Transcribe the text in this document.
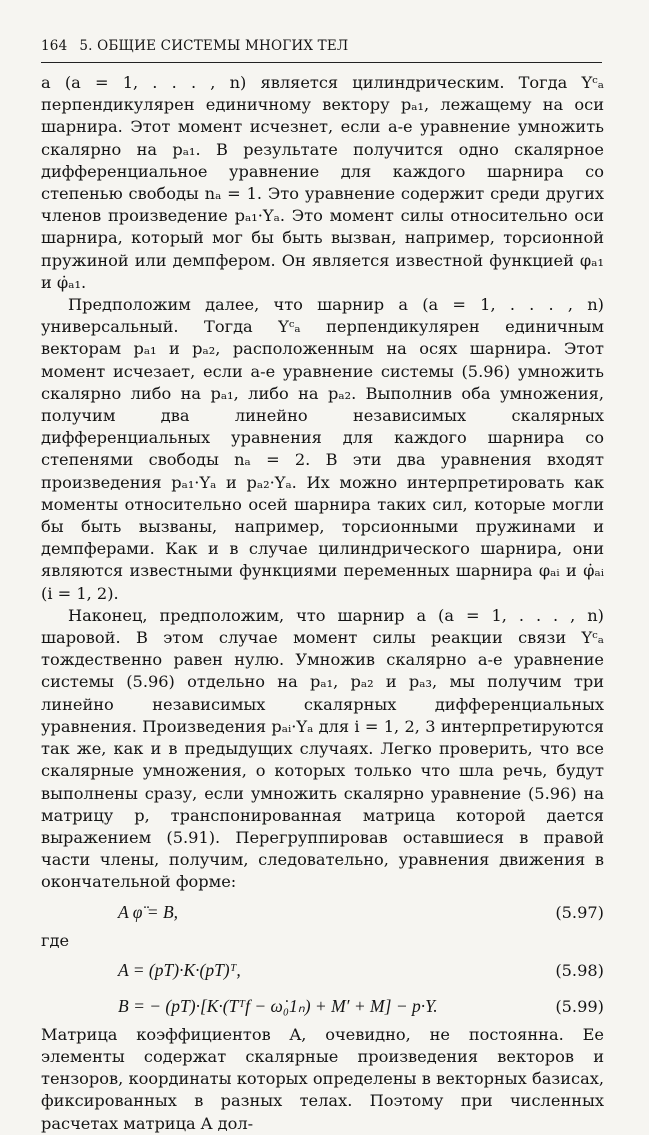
164 5. ОБЩИЕ СИСТЕМЫ МНОГИХ ТЕЛ

a (a = 1, . . . , n) является цилиндрическим. Тогда Yᶜₐ перпендикулярен единичному вектору pₐ₁, лежащему на оси шарнира. Этот момент исчезнет, если a-е уравнение умножить скалярно на pₐ₁. В результате получится одно скалярное дифференциальное уравнение для каждого шарнира со степенью свободы nₐ = 1. Это уравнение содержит среди других членов произведение pₐ₁·Yₐ. Это момент силы относительно оси шарнира, который мог бы быть вызван, например, торсионной пружиной или демпфером. Он является известной функцией φₐ₁ и φ̇ₐ₁.

Предположим далее, что шарнир a (a = 1, . . . , n) универсальный. Тогда Yᶜₐ перпендикулярен единичным векторам pₐ₁ и pₐ₂, расположенным на осях шарнира. Этот момент исчезает, если a-е уравнение системы (5.96) умножить скалярно либо на pₐ₁, либо на pₐ₂. Выполнив оба умножения, получим два линейно независимых скалярных дифференциальных уравнения для каждого шарнира со степенями свободы nₐ = 2. В эти два уравнения входят произведения pₐ₁·Yₐ и pₐ₂·Yₐ. Их можно интерпретировать как моменты относительно осей шарнира таких сил, которые могли бы быть вызваны, например, торсионными пружинами и демпферами. Как и в случае цилиндрического шарнира, они являются известными функциями переменных шарнира φₐᵢ и φ̇ₐᵢ (i = 1, 2).

Наконец, предположим, что шарнир a (a = 1, . . . , n) шаровой. В этом случае момент силы реакции связи Yᶜₐ тождественно равен нулю. Умножив скалярно a-е уравнение системы (5.96) отдельно на pₐ₁, pₐ₂ и pₐ₃, мы получим три линейно независимых скалярных дифференциальных уравнения. Произведения pₐᵢ·Yₐ для i = 1, 2, 3 интерпретируются так же, как и в предыдущих случаях. Легко проверить, что все скалярные умножения, о которых только что шла речь, будут выполнены сразу, если умножить скалярно уравнение (5.96) на матрицу p, транспонированная матрица которой дается выражением (5.91). Перегруппировав оставшиеся в правой части члены, получим, следовательно, уравнения движения в окончательной форме:

A φ̈ = B,	(5.97)

где

A = (pT)·K·(pT)ᵀ,	(5.98)
B = − (pT)·[K·(Tᵀf − ω̇₀1ₙ) + M′ + M] − p·Y.	(5.99)

Матрица коэффициентов A, очевидно, не постоянна. Ее элементы содержат скалярные произведения векторов и тензоров, координаты которых определены в векторных базисах, фиксированных в разных телах. Поэтому при численных расчетах матрица A дол-
